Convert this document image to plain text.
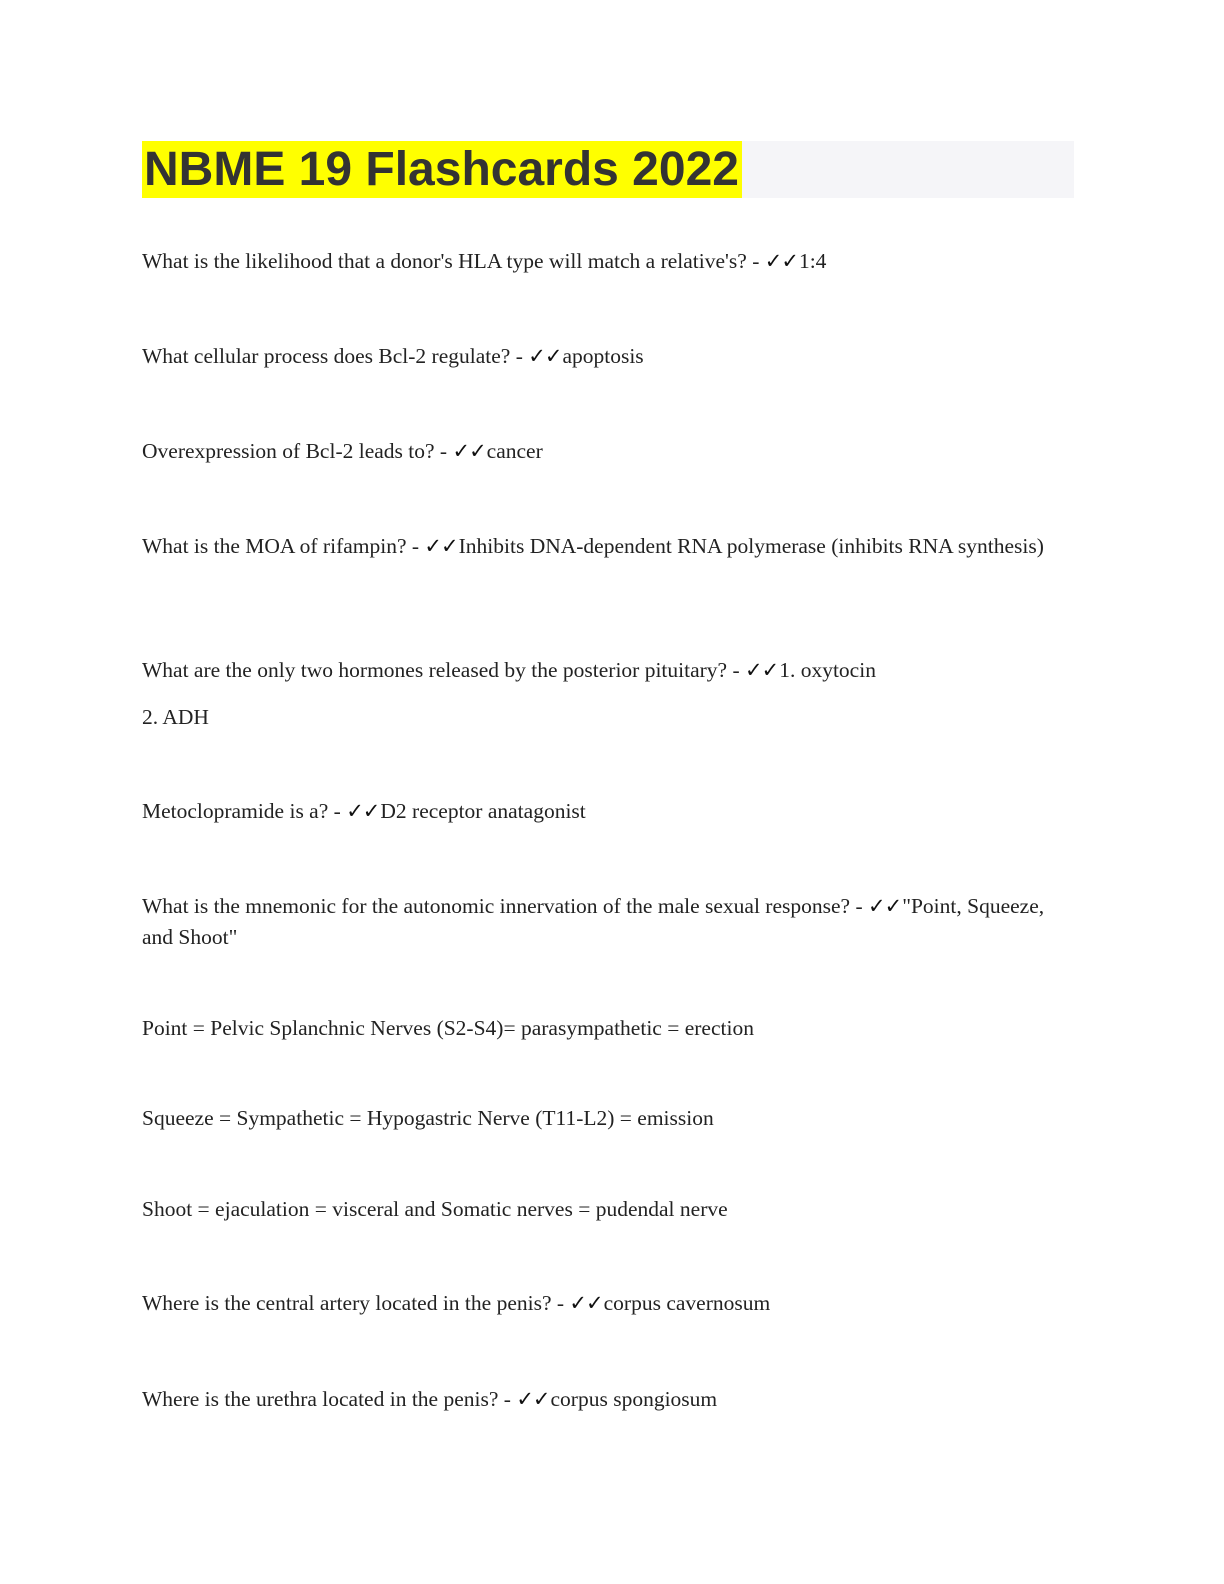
NBME 19 Flashcards 2022
What is the likelihood that a donor's HLA type will match a relative's? - ✓✓1:4
What cellular process does Bcl-2 regulate? - ✓✓apoptosis
Overexpression of Bcl-2 leads to? - ✓✓cancer
What is the MOA of rifampin? - ✓✓Inhibits DNA-dependent RNA polymerase (inhibits RNA synthesis)
What are the only two hormones released by the posterior pituitary? - ✓✓1. oxytocin
2. ADH
Metoclopramide is a? - ✓✓D2 receptor anatagonist
What is the mnemonic for the autonomic innervation of the male sexual response? - ✓✓"Point, Squeeze, and Shoot"
Point = Pelvic Splanchnic Nerves (S2-S4)= parasympathetic = erection
Squeeze = Sympathetic = Hypogastric Nerve (T11-L2) = emission
Shoot = ejaculation = visceral and Somatic nerves = pudendal nerve
Where is the central artery located in the penis? - ✓✓corpus cavernosum
Where is the urethra located in the penis? - ✓✓corpus spongiosum
